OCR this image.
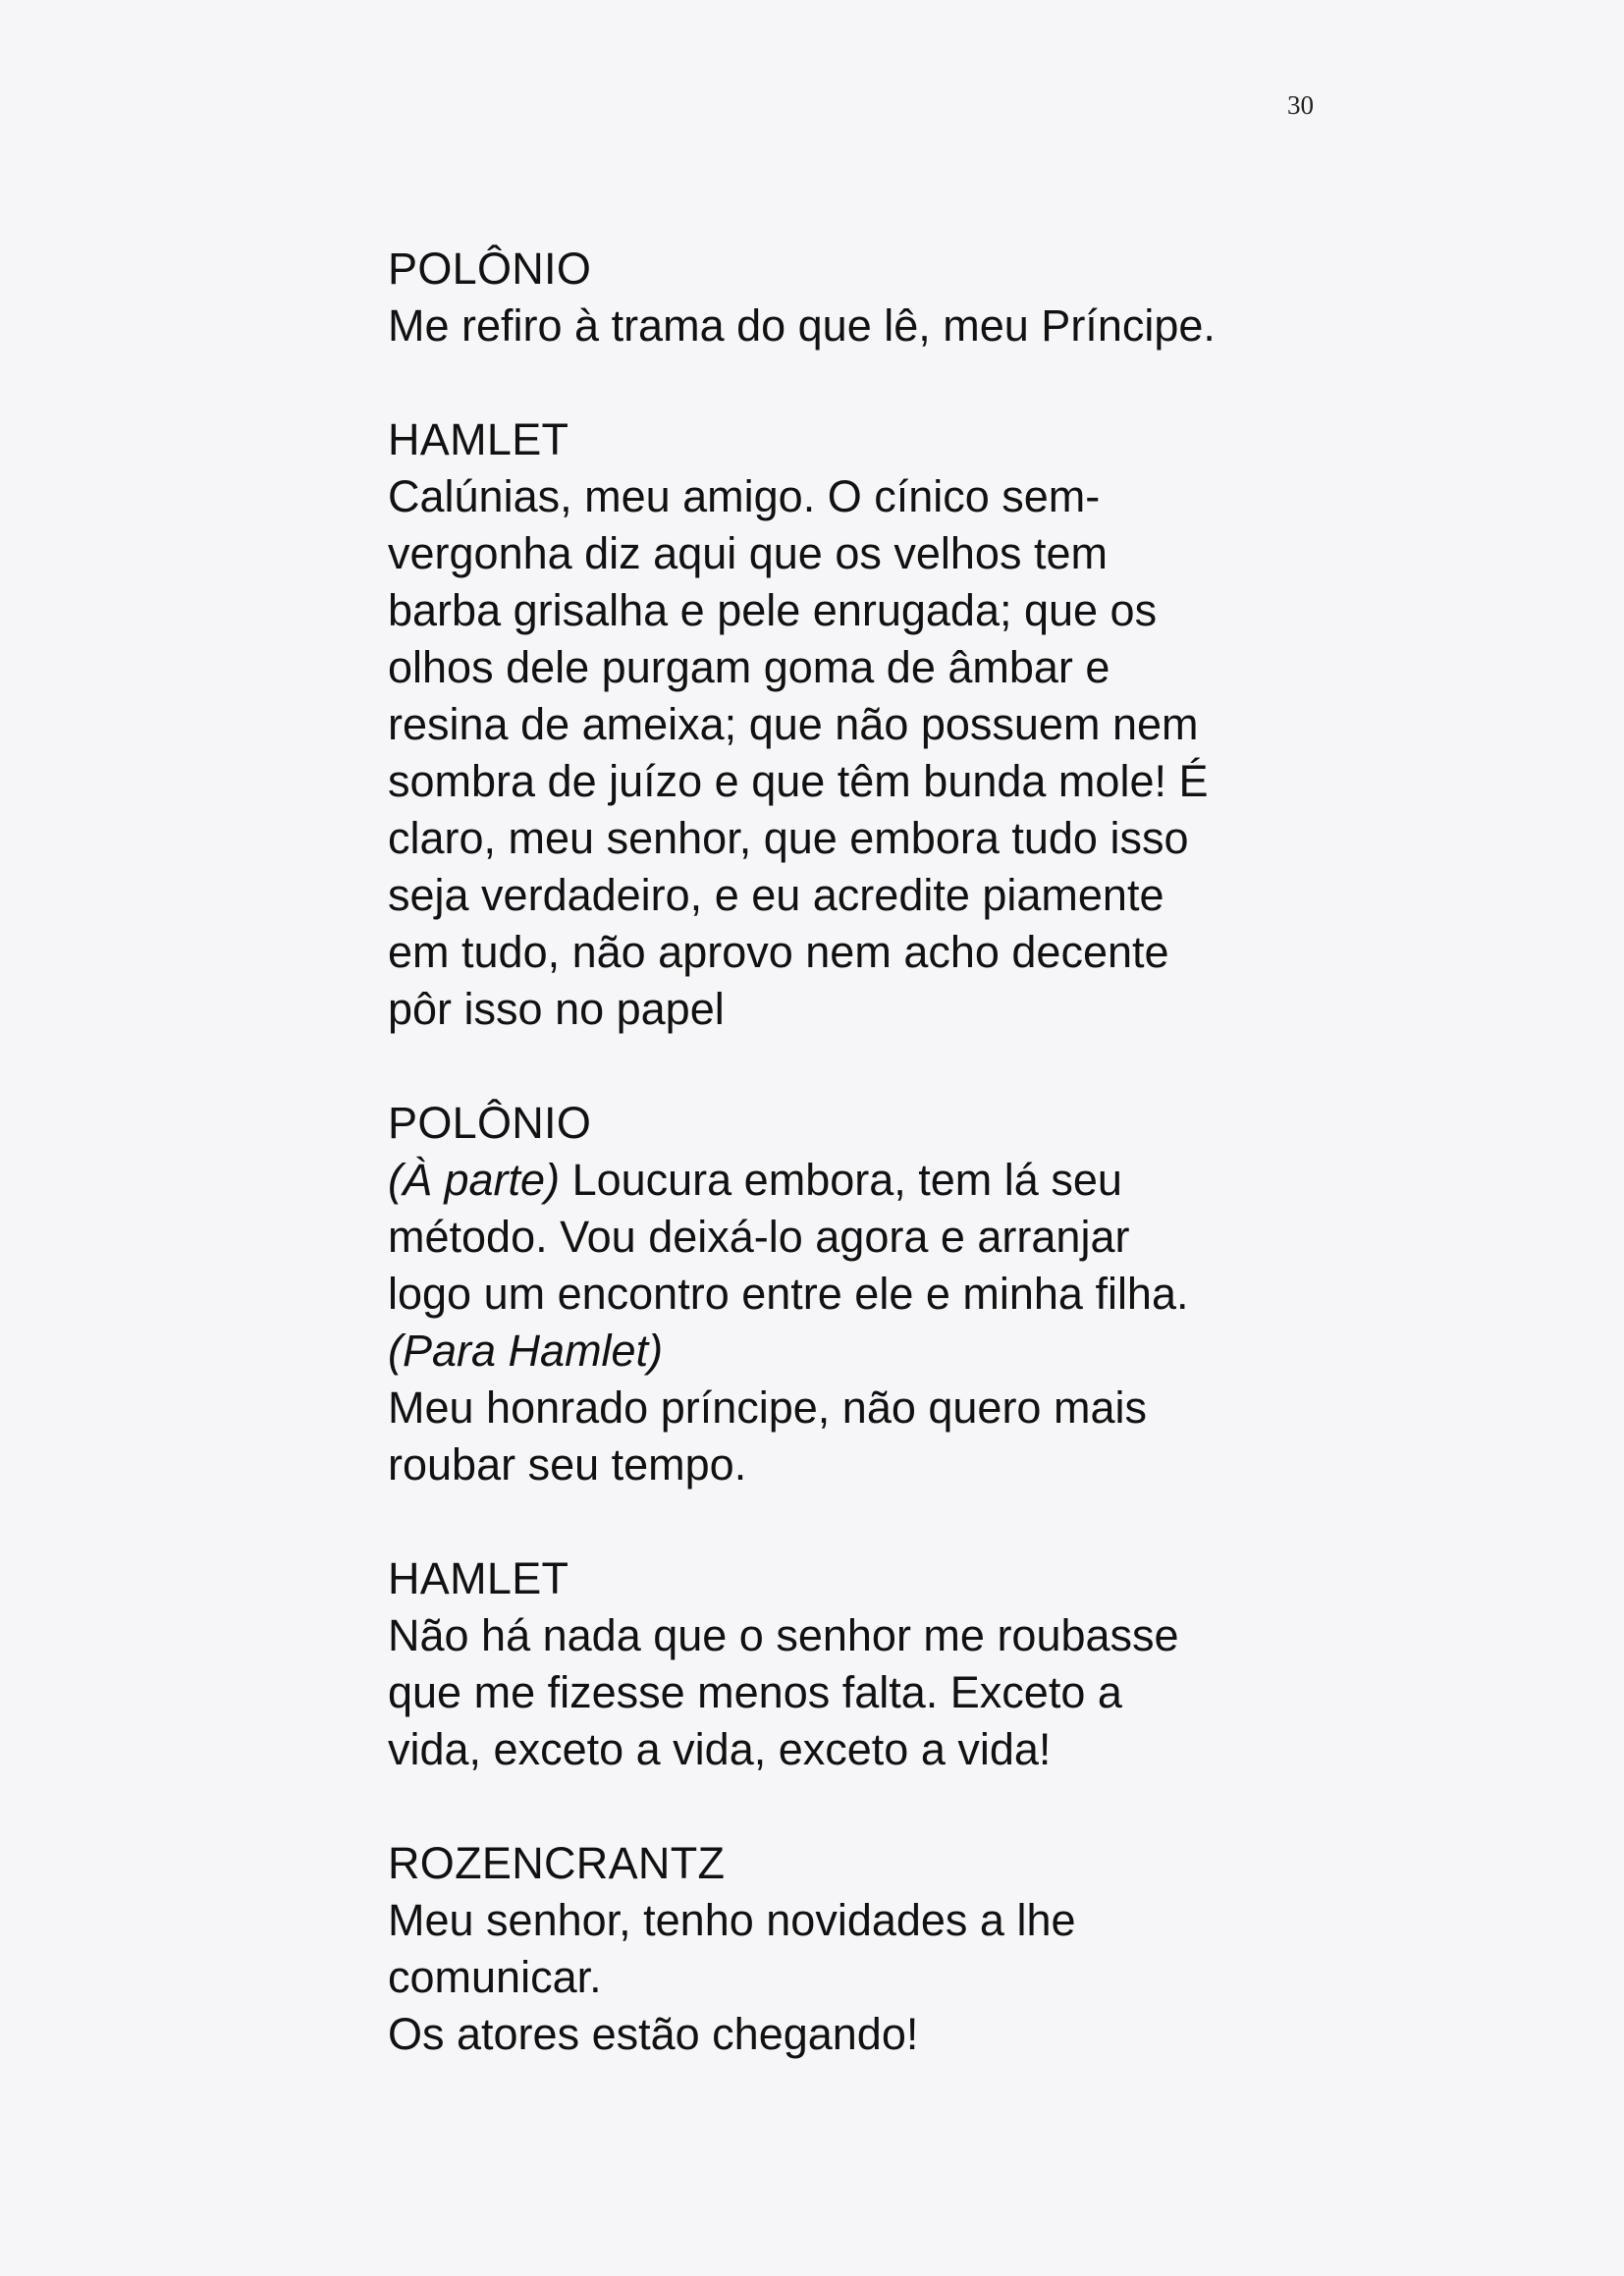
30
POLÔNIO
Me refiro à trama do que lê, meu Príncipe.
HAMLET
Calúnias, meu amigo. O cínico sem-
vergonha diz aqui que os velhos tem
barba grisalha e pele enrugada; que os
olhos dele purgam goma de âmbar e
resina de ameixa; que não possuem nem
sombra de juízo e que têm bunda mole! É
claro, meu senhor, que embora tudo isso
seja verdadeiro, e eu acredite piamente
em tudo, não aprovo nem acho decente
pôr isso no papel
POLÔNIO
(À parte) Loucura embora, tem lá seu
método. Vou deixá-lo agora e arranjar
logo um encontro entre ele e minha filha.
(Para Hamlet)
Meu honrado príncipe, não quero mais
roubar seu tempo.
HAMLET
Não há nada que o senhor me roubasse
que me fizesse menos falta. Exceto a
vida, exceto a vida, exceto a vida!
ROZENCRANTZ
Meu senhor, tenho novidades a lhe
comunicar.
Os atores estão chegando!
